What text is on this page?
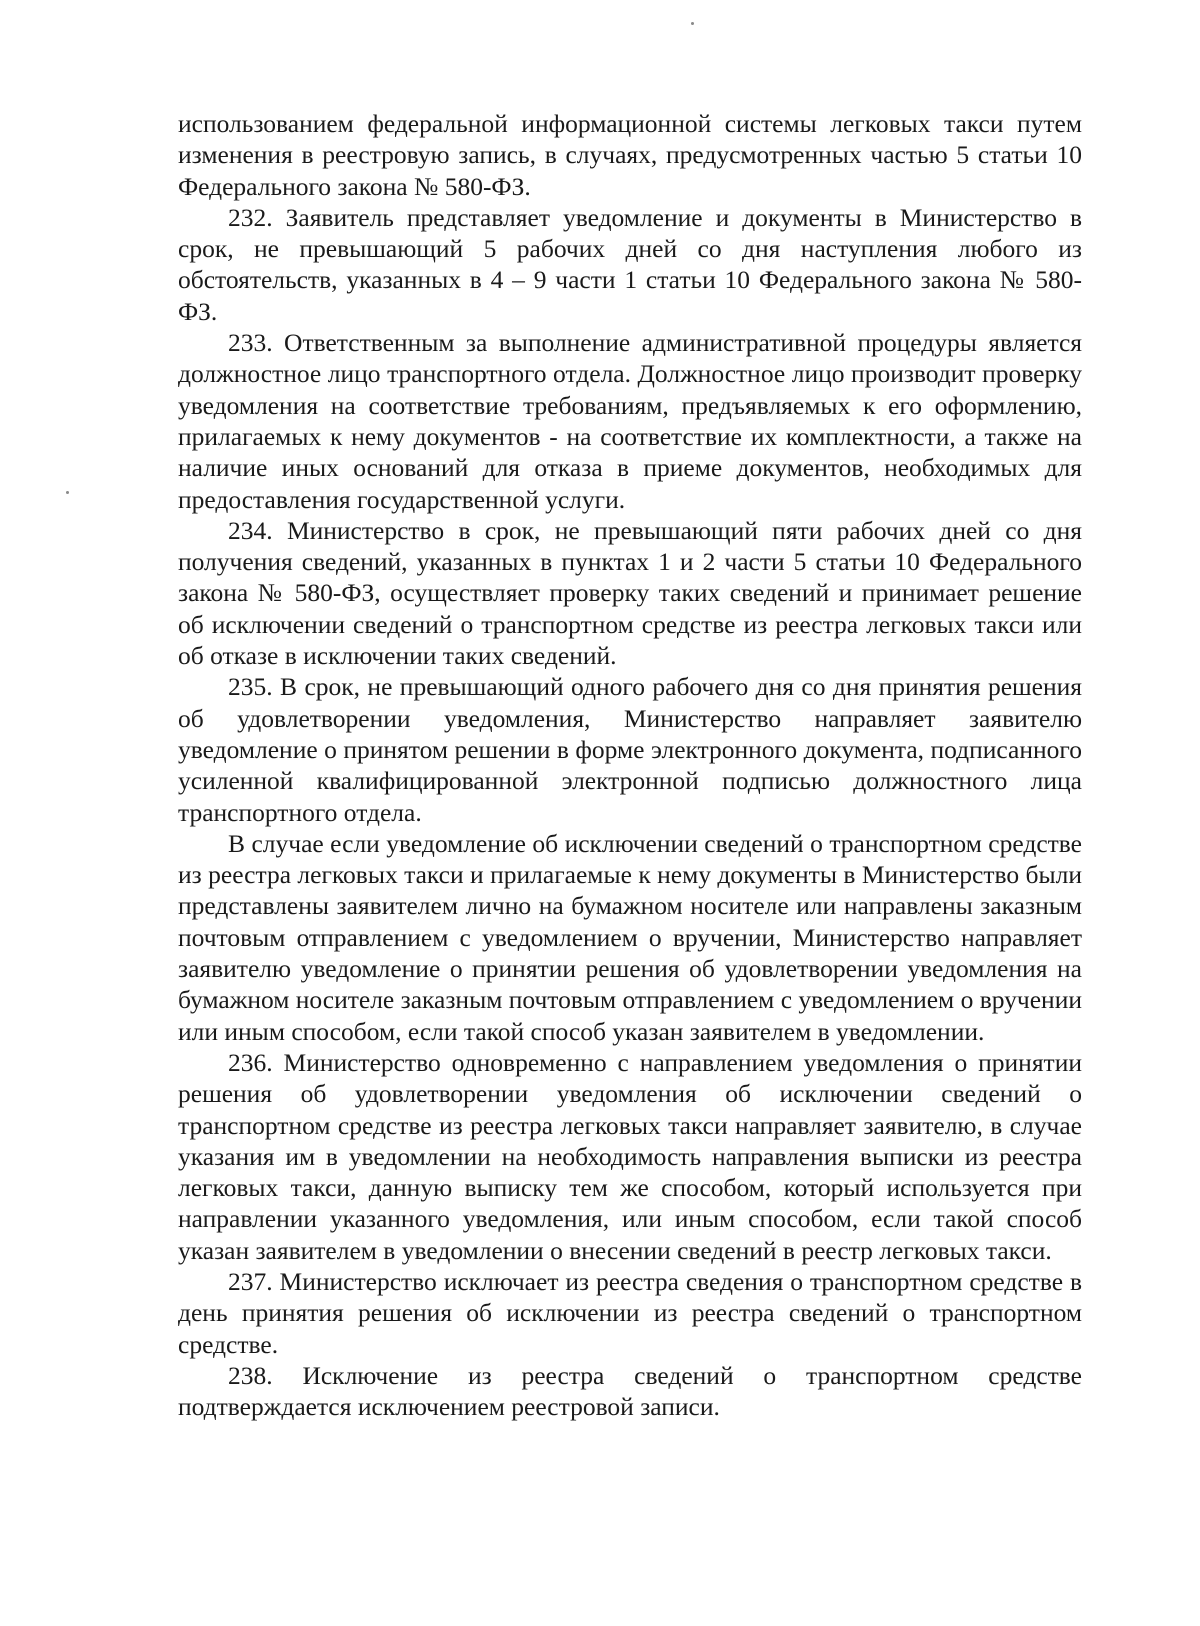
использованием федеральной информационной системы легковых такси путем изменения в реестровую запись, в случаях, предусмотренных частью 5 статьи 10 Федерального закона № 580-ФЗ.

232. Заявитель представляет уведомление и документы в Министерство в срок, не превышающий 5 рабочих дней со дня наступления любого из обстоятельств, указанных в 4 – 9 части 1 статьи 10 Федерального закона № 580-ФЗ.

233. Ответственным за выполнение административной процедуры является должностное лицо транспортного отдела. Должностное лицо производит проверку уведомления на соответствие требованиям, предъявляемых к его оформлению, прилагаемых к нему документов - на соответствие их комплектности, а также на наличие иных оснований для отказа в приеме документов, необходимых для предоставления государственной услуги.

234. Министерство в срок, не превышающий пяти рабочих дней со дня получения сведений, указанных в пунктах 1 и 2 части 5 статьи 10 Федерального закона № 580-ФЗ, осуществляет проверку таких сведений и принимает решение об исключении сведений о транспортном средстве из реестра легковых такси или об отказе в исключении таких сведений.

235. В срок, не превышающий одного рабочего дня со дня принятия решения об удовлетворении уведомления, Министерство направляет заявителю уведомление о принятом решении в форме электронного документа, подписанного усиленной квалифицированной электронной подписью должностного лица транспортного отдела.

В случае если уведомление об исключении сведений о транспортном средстве из реестра легковых такси и прилагаемые к нему документы в Министерство были представлены заявителем лично на бумажном носителе или направлены заказным почтовым отправлением с уведомлением о вручении, Министерство направляет заявителю уведомление о принятии решения об удовлетворении уведомления на бумажном носителе заказным почтовым отправлением с уведомлением о вручении или иным способом, если такой способ указан заявителем в уведомлении.

236. Министерство одновременно с направлением уведомления о принятии решения об удовлетворении уведомления об исключении сведений о транспортном средстве из реестра легковых такси направляет заявителю, в случае указания им в уведомлении на необходимость направления выписки из реестра легковых такси, данную выписку тем же способом, который используется при направлении указанного уведомления, или иным способом, если такой способ указан заявителем в уведомлении о внесении сведений в реестр легковых такси.

237. Министерство исключает из реестра сведения о транспортном средстве в день принятия решения об исключении из реестра сведений о транспортном средстве.

238. Исключение из реестра сведений о транспортном средстве подтверждается исключением реестровой записи.
